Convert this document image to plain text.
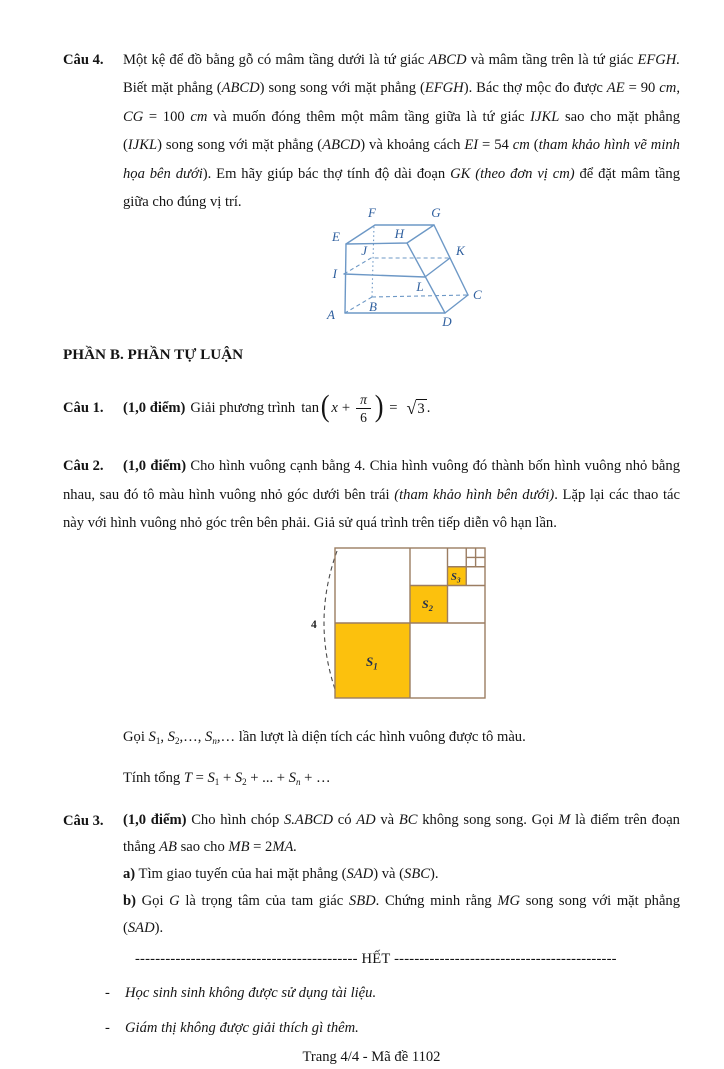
Câu 4.	Một kệ để đồ bằng gỗ có mâm tầng dưới là tứ giác ABCD và mâm tầng trên là tứ giác EFGH. Biết mặt phẳng (ABCD) song song với mặt phẳng (EFGH). Bác thợ mộc đo được AE = 90 cm, CG = 100 cm và muốn đóng thêm một mâm tầng giữa là tứ giác IJKL sao cho mặt phẳng (IJKL) song song với mặt phẳng (ABCD) và khoảng cách EI = 54 cm (tham khảo hình vẽ minh họa bên dưới). Em hãy giúp bác thợ tính độ dài đoạn GK (theo đơn vị cm) để đặt mâm tầng giữa cho đúng vị trí.
A
B
C
D
E
F	G
H
I
J	K
L
PHẦN B. PHẦN TỰ LUẬN
Câu 1.	(1,0 điểm) Giải phương trình tan ( $x + \frac{\pi}{6}$ ) = √ 3 .

Câu 2. (1,0 điểm) Cho hình vuông cạnh bằng 4. Chia hình vuông đó thành bốn hình vuông nhỏ bằng nhau, sau đó tô màu hình vuông nhỏ góc dưới bên trái (tham khảo hình bên dưới). Lặp lại các thao tác này với hình vuông nhỏ góc trên bên phải. Giả sử quá trình trên tiếp diễn vô hạn lần.

4
$S_1$
$S_2$
$S_3$

Gọi S1, S2,…, Sn,… lần lượt là diện tích các hình vuông được tô màu.

Tính tổng T = S1 + S2 + ... + Sn + …

Câu 3.	(1,0 điểm) Cho hình chóp S.ABCD có AD và BC không song song. Gọi M là điểm trên đoạn thẳng AB sao cho MB = 2MA.

a) Tìm giao tuyến của hai mặt phẳng (SAD) và (SBC).

b) Gọi G là trọng tâm của tam giác SBD. Chứng minh rằng MG song song với mặt phẳng (SAD).

-------------------------------------------- HẾT --------------------------------------------
-	Học sinh sinh không được sử dụng tài liệu.
-	Giám thị không được giải thích gì thêm.
Trang 4/4 - Mã đề 1102
